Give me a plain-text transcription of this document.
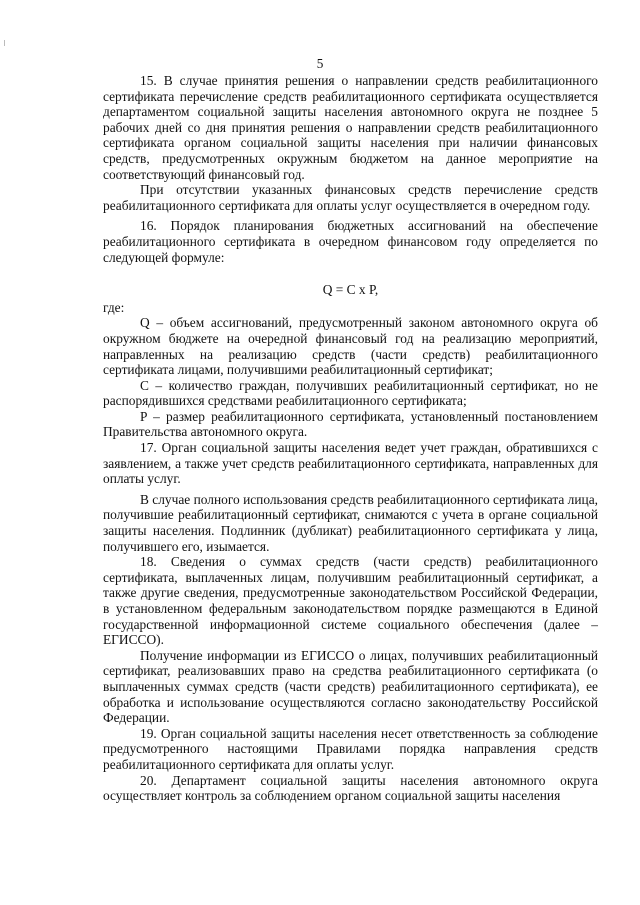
5

15. В случае принятия решения о направлении средств реабилитационного сертификата перечисление средств реабилитационного сертификата осуществляется департаментом социальной защиты населения автономного округа не позднее 5 рабочих дней со дня принятия решения о направлении средств реабилитационного сертификата органом социальной защиты населения при наличии финансовых средств, предусмотренных окружным бюджетом на данное мероприятие на соответствующий финансовый год.

При отсутствии указанных финансовых средств перечисление средств реабилитационного сертификата для оплаты услуг осуществляется в очередном году.

16. Порядок планирования бюджетных ассигнований на обеспечение реабилитационного сертификата в очередном финансовом году определяется по следующей формуле:

Q = C x P,

где:

Q – объем ассигнований, предусмотренный законом автономного округа об окружном бюджете на очередной финансовый год на реализацию мероприятий, направленных на реализацию средств (части средств) реабилитационного сертификата лицами, получившими реабилитационный сертификат;

C – количество граждан, получивших реабилитационный сертификат, но не распорядившихся средствами реабилитационного сертификата;

P – размер реабилитационного сертификата, установленный постановлением Правительства автономного округа.

17. Орган социальной защиты населения ведет учет граждан, обратившихся с заявлением, а также учет средств реабилитационного сертификата, направленных для оплаты услуг.

В случае полного использования средств реабилитационного сертификата лица, получившие реабилитационный сертификат, снимаются с учета в органе социальной защиты населения. Подлинник (дубликат) реабилитационного сертификата у лица, получившего его, изымается.

18. Сведения о суммах средств (части средств) реабилитационного сертификата, выплаченных лицам, получившим реабилитационный сертификат, а также другие сведения, предусмотренные законодательством Российской Федерации, в установленном федеральным законодательством порядке размещаются в Единой государственной информационной системе социального обеспечения (далее – ЕГИССО).

Получение информации из ЕГИССО о лицах, получивших реабилитационный сертификат, реализовавших право на средства реабилитационного сертификата (о выплаченных суммах средств (части средств) реабилитационного сертификата), ее обработка и использование осуществляются согласно законодательству Российской Федерации.

19. Орган социальной защиты населения несет ответственность за соблюдение предусмотренного настоящими Правилами порядка направления средств реабилитационного сертификата для оплаты услуг.

20. Департамент социальной защиты населения автономного округа осуществляет контроль за соблюдением органом социальной защиты населения
